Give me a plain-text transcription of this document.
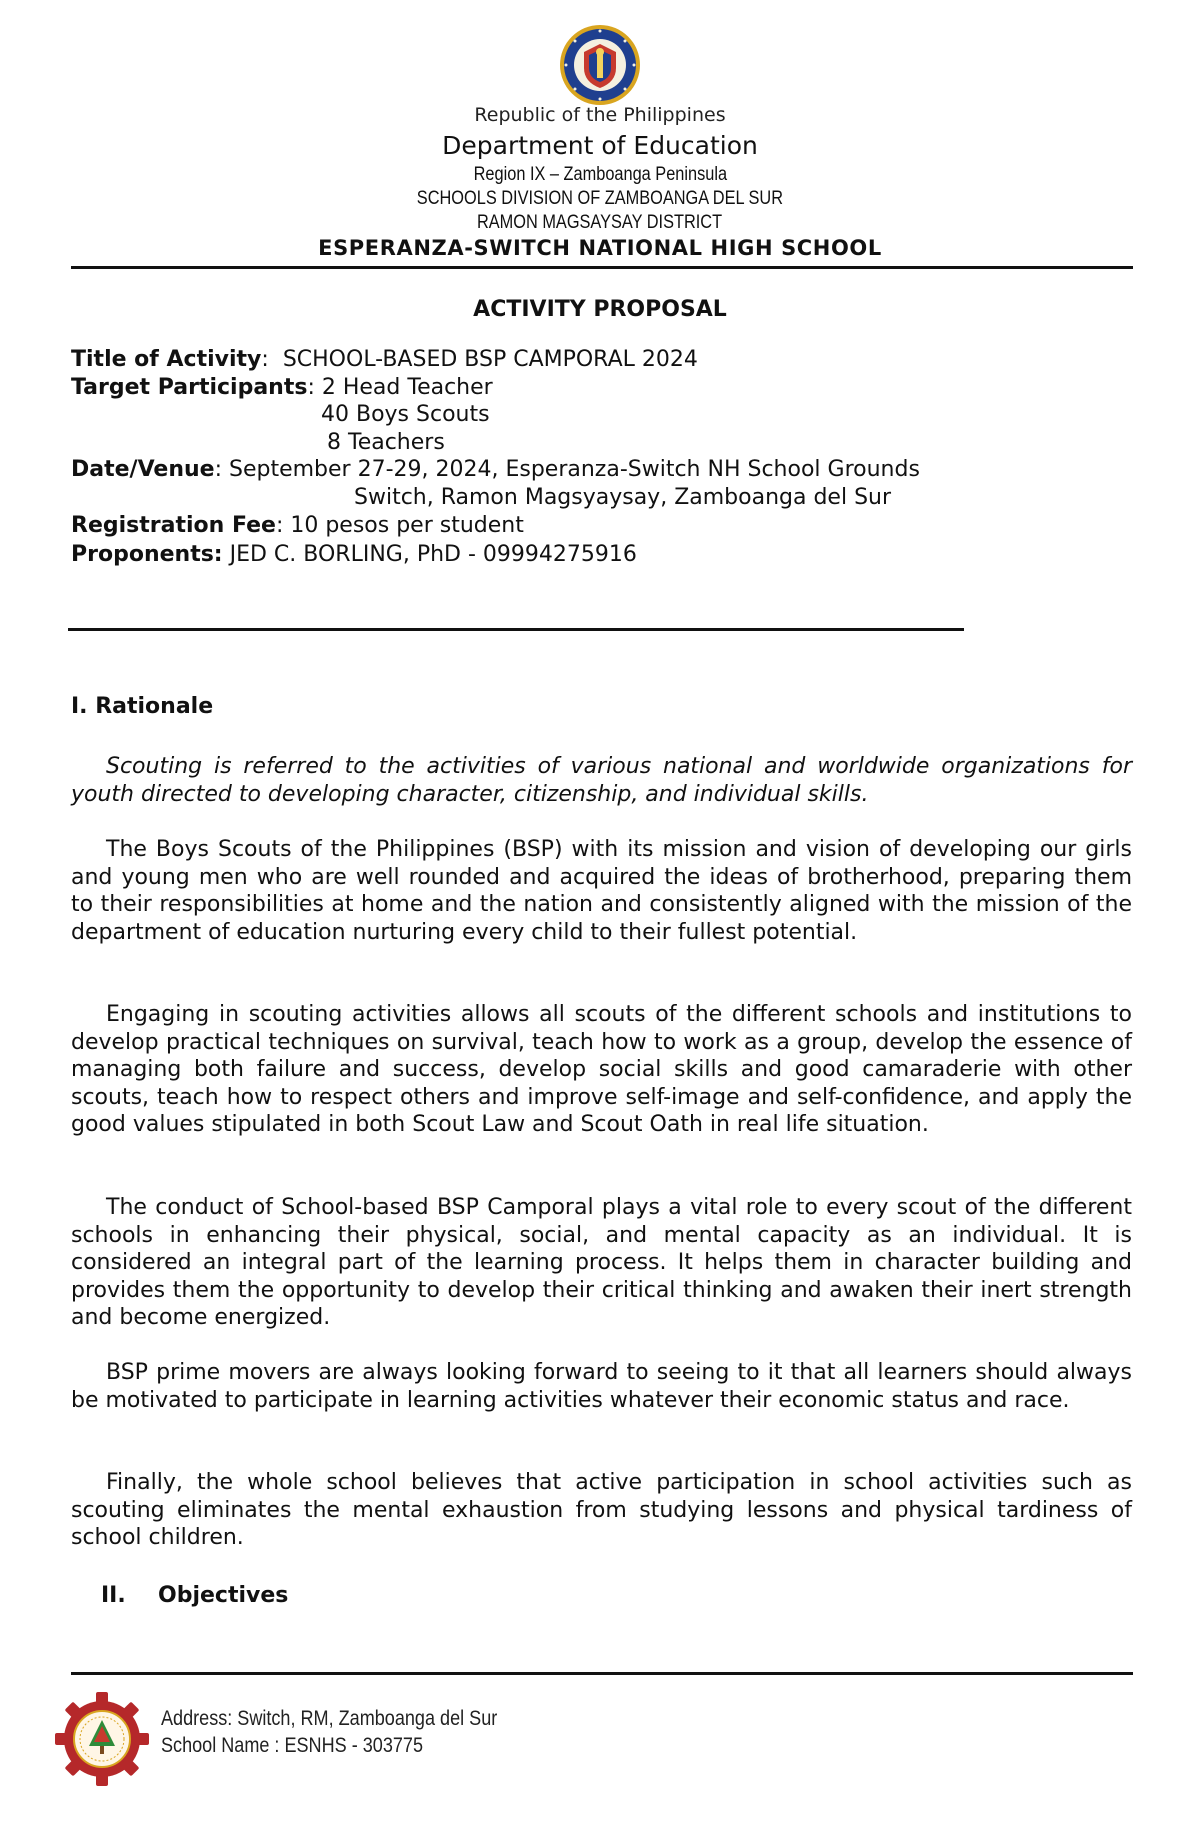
Republic of the Philippines
Department of Education
Region IX – Zamboanga Peninsula
SCHOOLS DIVISION OF ZAMBOANGA DEL SUR
RAMON MAGSAYSAY DISTRICT
ESPERANZA-SWITCH NATIONAL HIGH SCHOOL
ACTIVITY PROPOSAL
Title of Activity:  SCHOOL-BASED BSP CAMPORAL 2024
Target Participants: 2 Head Teacher
40 Boys Scouts
8 Teachers
Date/Venue: September 27-29, 2024, Esperanza-Switch NH School Grounds
Switch, Ramon Magsyaysay, Zamboanga del Sur
Registration Fee: 10 pesos per student
Proponents: JED C. BORLING, PhD - 09994275916
I. Rationale
Scouting is referred to the activities of various national and worldwide organizations for youth directed to developing character, citizenship, and individual skills.
The Boys Scouts of the Philippines (BSP) with its mission and vision of developing our girls and young men who are well rounded and acquired the ideas of brotherhood, preparing them to their responsibilities at home and the nation and consistently aligned with the mission of the department of education nurturing every child to their fullest potential.
Engaging in scouting activities allows all scouts of the different schools and institutions to develop practical techniques on survival, teach how to work as a group, develop the essence of managing both failure and success, develop social skills and good camaraderie with other scouts, teach how to respect others and improve self-image and self-confidence, and apply the good values stipulated in both Scout Law and Scout Oath in real life situation.
The conduct of School-based BSP Camporal plays a vital role to every scout of the different schools in enhancing their physical, social, and mental capacity as an individual. It is considered an integral part of the learning process. It helps them in character building and provides them the opportunity to develop their critical thinking and awaken their inert strength and become energized.
BSP prime movers are always looking forward to seeing to it that all learners should always be motivated to participate in learning activities whatever their economic status and race.
Finally, the whole school believes that active participation in school activities such as scouting eliminates the mental exhaustion from studying lessons and physical tardiness of school children.
II. Objectives
Address: Switch, RM, Zamboanga del Sur
School Name : ESNHS - 303775
